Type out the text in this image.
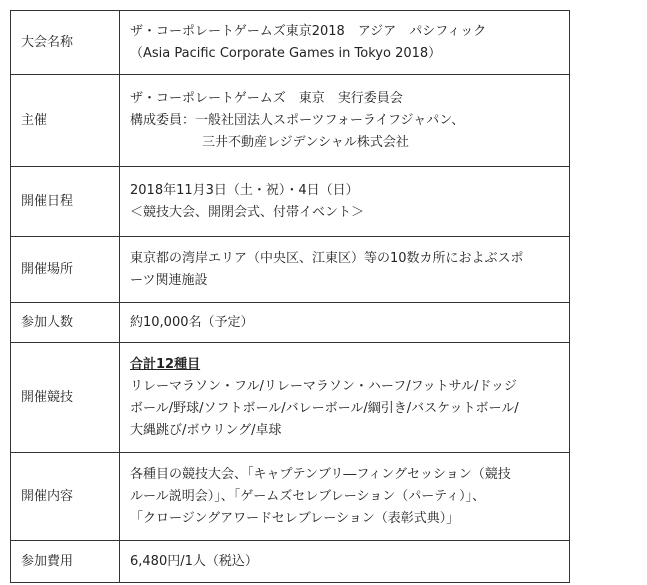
大会名称	ザ・コーポレートゲームズ東京2018　アジア　パシフィック
（Asia Pacific Corporate Games in Tokyo 2018）

主催	ザ・コーポレートゲームズ　東京　実行委員会
構成委員：一般社団法人スポーツフォーライフジャパン、
三井不動産レジデンシャル株式会社

開催日程	2018年11月3日（土・祝）・4日（日）
＜競技大会、開閉会式、付帯イベント＞

開催場所	東京都の湾岸エリア（中央区、江東区）等の10数カ所におよぶスポ
ーツ関連施設

参加人数	約10,000名（予定）

開催競技	合計12種目
リレーマラソン・フル/リレーマラソン・ハーフ/フットサル/ドッジ
ボール/野球/ソフトボール/バレーボール/綱引き/バスケットボール/
大縄跳び/ボウリング/卓球

開催内容	各種目の競技大会、「キャプテンブリ―フィングセッション（競技
ルール説明会）」、「ゲームズセレブレーション（パーティ）」、
「クロージングアワードセレブレーション（表彰式典）」

参加費用	6,480円/1人（税込）
